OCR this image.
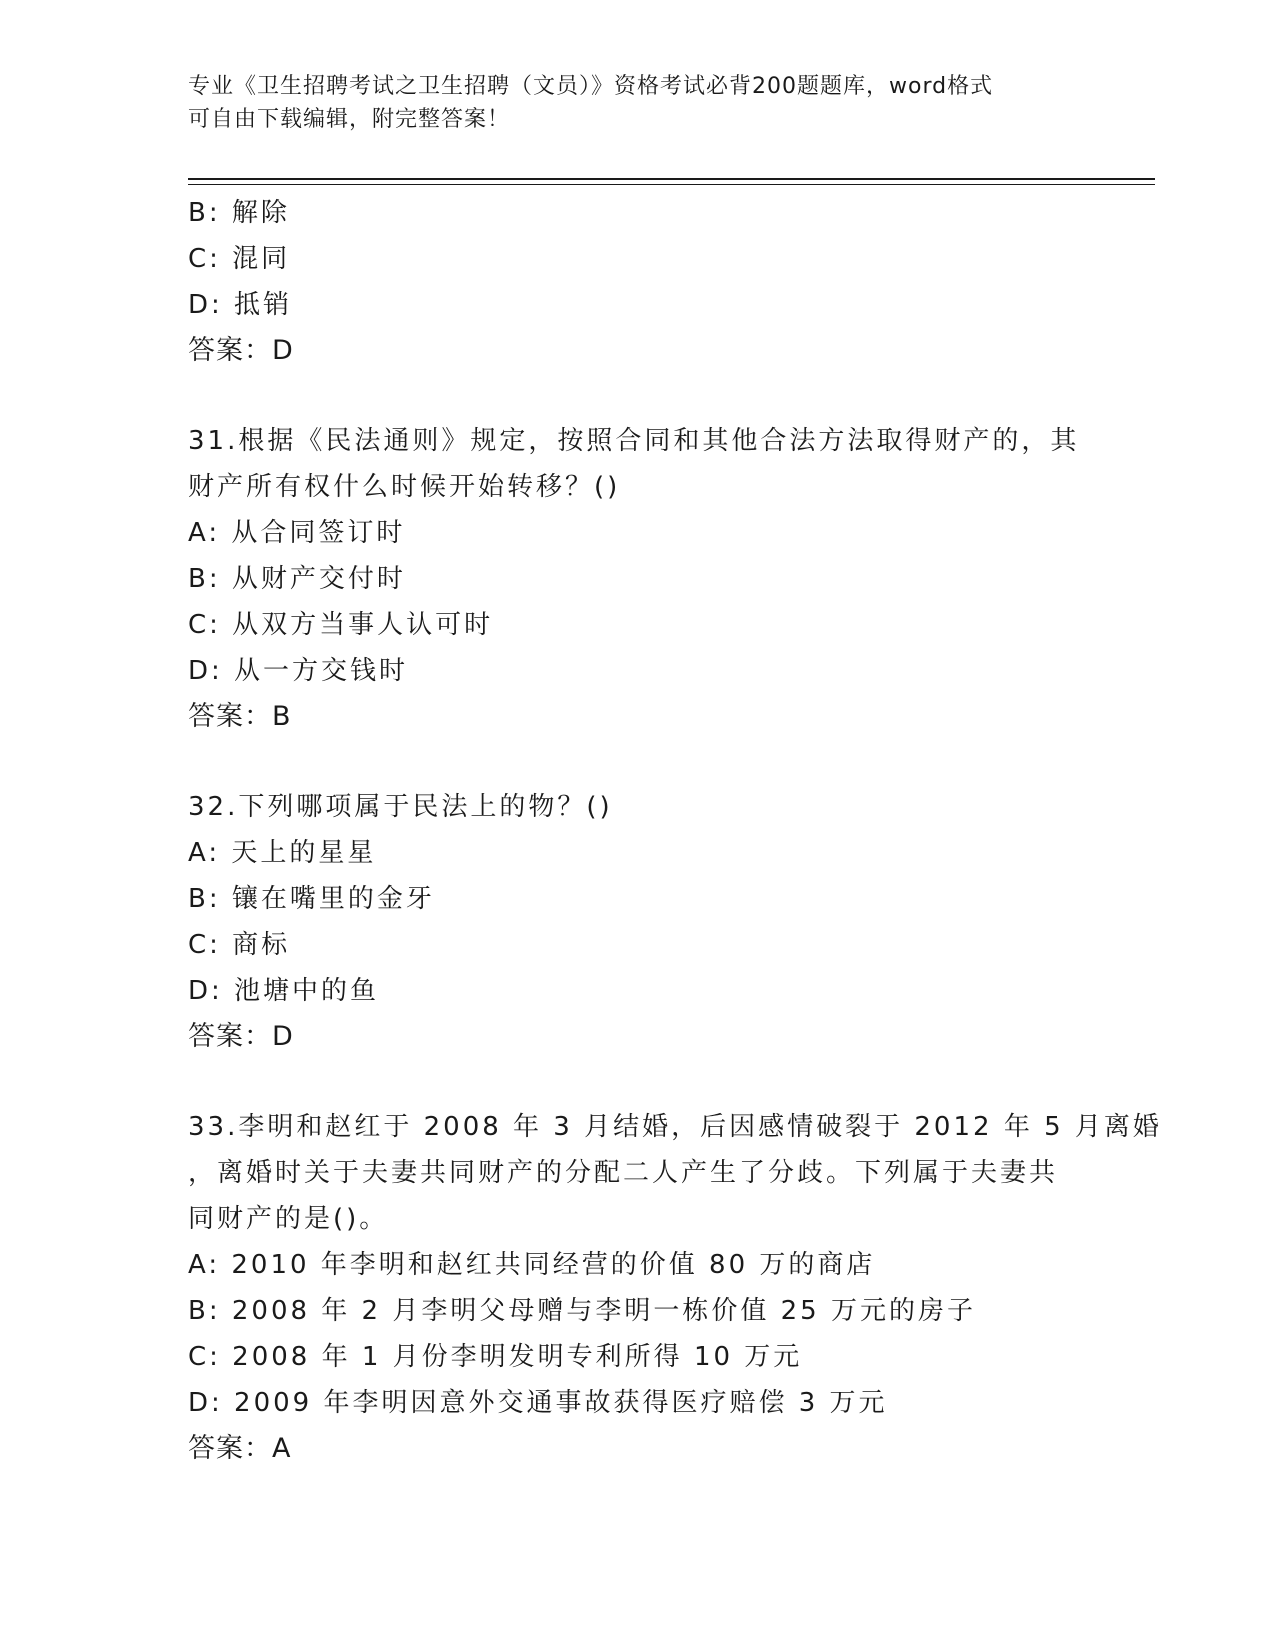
专业《卫生招聘考试之卫生招聘（文员）》资格考试必背200题题库，word格式
可自由下载编辑，附完整答案！
B: 解除
C: 混同
D: 抵销
答案：D
31.根据《民法通则》规定，按照合同和其他合法方法取得财产的，其
财产所有权什么时候开始转移？()
A: 从合同签订时
B: 从财产交付时
C: 从双方当事人认可时
D: 从一方交钱时
答案：B
32.下列哪项属于民法上的物？()
A: 天上的星星
B: 镶在嘴里的金牙
C: 商标
D: 池塘中的鱼
答案：D
33.李明和赵红于 2008 年 3 月结婚，后因感情破裂于 2012 年 5 月离婚
，离婚时关于夫妻共同财产的分配二人产生了分歧。下列属于夫妻共
同财产的是()。
A: 2010 年李明和赵红共同经营的价值 80 万的商店
B: 2008 年 2 月李明父母赠与李明一栋价值 25 万元的房子
C: 2008 年 1 月份李明发明专利所得 10 万元
D: 2009 年李明因意外交通事故获得医疗赔偿 3 万元
答案：A
